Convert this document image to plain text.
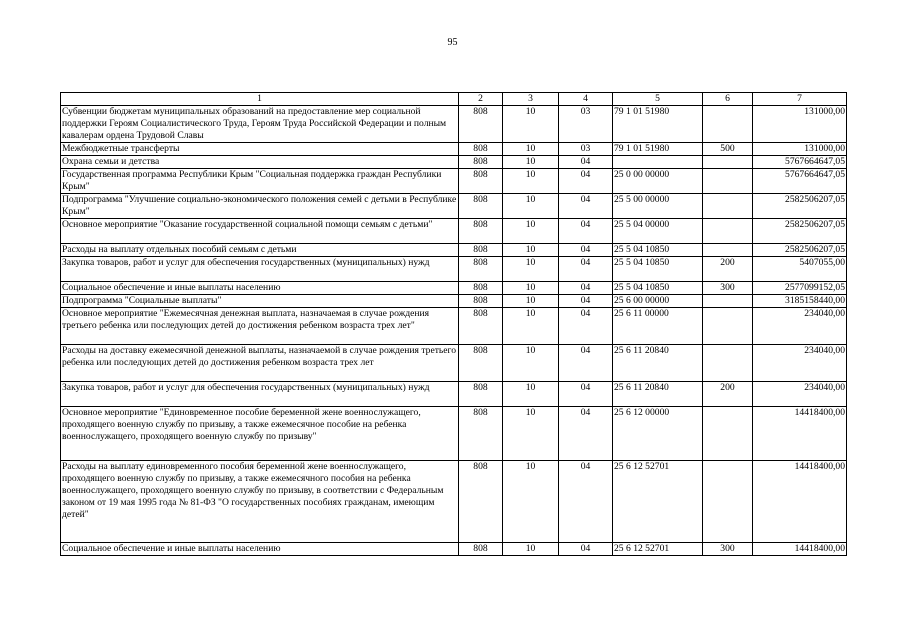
95
1	2	3	4	5	6	7
Субвенции бюджетам муниципальных образований на предоставление мер социальной поддержки Героям Социалистического Труда, Героям Труда Российской Федерации и полным кавалерам ордена Трудовой Славы	808	10	03	79 1 01 51980		131000,00
Межбюджетные трансферты	808	10	03	79 1 01 51980	500	131000,00
Охрана семьи и детства	808	10	04			5767664647,05
Государственная программа Республики Крым "Социальная поддержка граждан Республики Крым"	808	10	04	25 0 00 00000		5767664647,05
Подпрограмма "Улучшение социально-экономического положения семей с детьми в Республике Крым"	808	10	04	25 5 00 00000		2582506207,05
Основное мероприятие "Оказание государственной социальной помощи семьям с детьми"	808	10	04	25 5 04 00000		2582506207,05
Расходы на выплату отдельных пособий семьям с детьми	808	10	04	25 5 04 10850		2582506207,05
Закупка товаров, работ и услуг для обеспечения государственных (муниципальных) нужд	808	10	04	25 5 04 10850	200	5407055,00
Социальное обеспечение и иные выплаты населению	808	10	04	25 5 04 10850	300	2577099152,05
Подпрограмма "Социальные выплаты"	808	10	04	25 6 00 00000		3185158440,00
Основное мероприятие "Ежемесячная денежная выплата, назначаемая в случае рождения третьего ребенка или последующих детей до достижения ребенком возраста трех лет"	808	10	04	25 6 11 00000		234040,00
Расходы на доставку ежемесячной денежной выплаты, назначаемой в случае рождения третьего ребенка или последующих детей до достижения ребенком возраста трех лет	808	10	04	25 6 11 20840		234040,00
Закупка товаров, работ и услуг для обеспечения государственных (муниципальных) нужд	808	10	04	25 6 11 20840	200	234040,00
Основное мероприятие "Единовременное пособие беременной жене военнослужащего, проходящего военную службу по призыву, а также ежемесячное пособие на ребенка военнослужащего, проходящего военную службу по призыву"	808	10	04	25 6 12 00000		14418400,00
Расходы на выплату единовременного пособия беременной жене военнослужащего, проходящего военную службу по призыву, а также ежемесячного пособия на ребенка военнослужащего, проходящего военную службу по призыву, в соответствии с Федеральным законом от 19 мая 1995 года № 81-ФЗ "О государственных пособиях гражданам, имеющим детей"	808	10	04	25 6 12 52701		14418400,00
Социальное обеспечение и иные выплаты населению	808	10	04	25 6 12 52701	300	14418400,00
